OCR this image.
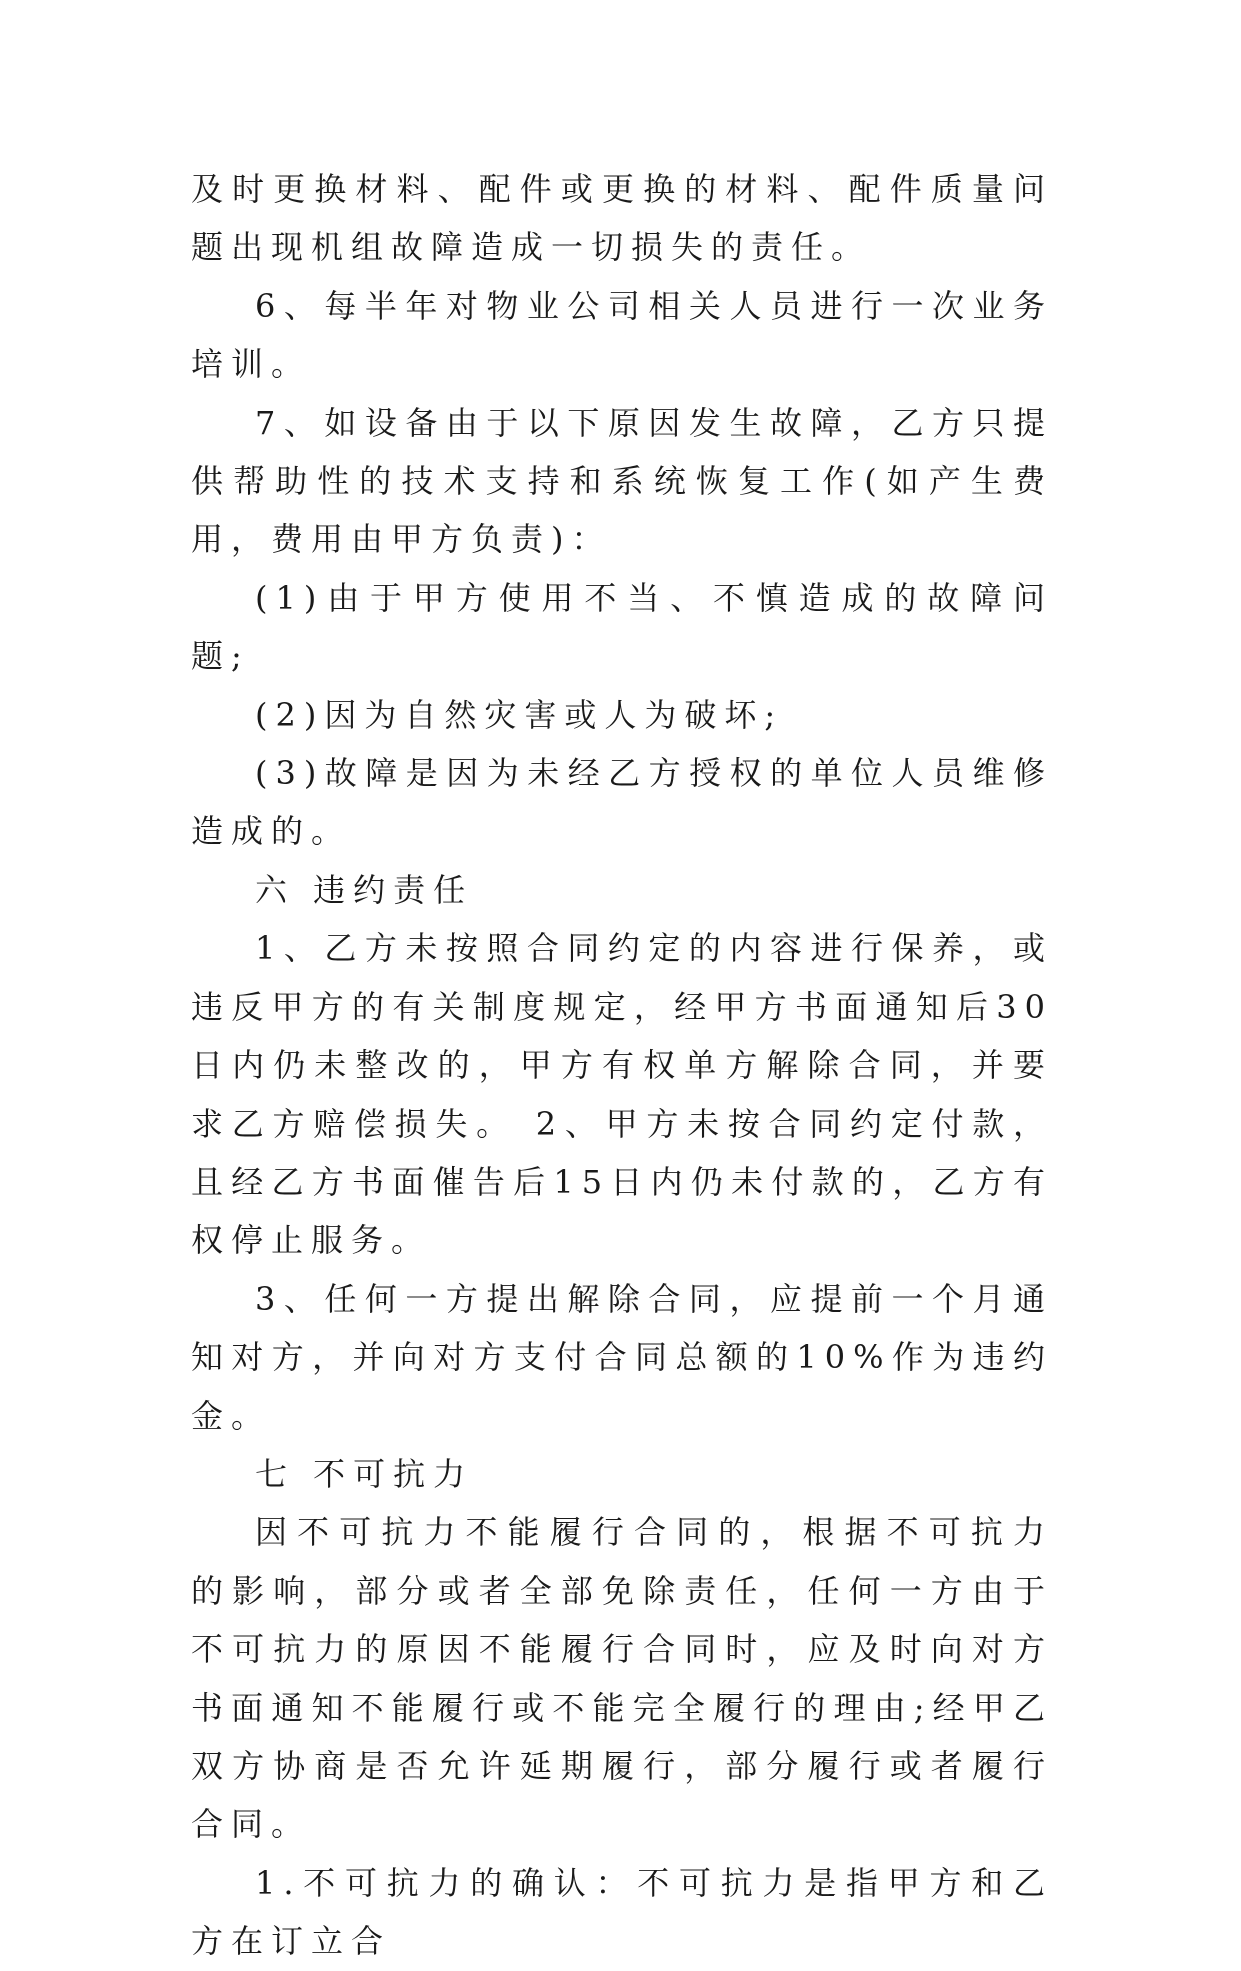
及时更换材料、配件或更换的材料、配件质量问题出现机组故障造成一切损失的责任。

6、每半年对物业公司相关人员进行一次业务培训。

7、如设备由于以下原因发生故障，乙方只提供帮助性的技术支持和系统恢复工作(如产生费用，费用由甲方负责)：

(1)由于甲方使用不当、不慎造成的故障问题;

(2)因为自然灾害或人为破坏;

(3)故障是因为未经乙方授权的单位人员维修造成的。

六 违约责任

1、乙方未按照合同约定的内容进行保养，或违反甲方的有关制度规定，经甲方书面通知后30日内仍未整改的，甲方有权单方解除合同，并要求乙方赔偿损失。 2、甲方未按合同约定付款，且经乙方书面催告后15日内仍未付款的，乙方有权停止服务。

3、任何一方提出解除合同，应提前一个月通知对方，并向对方支付合同总额的10%作为违约金。

七 不可抗力

因不可抗力不能履行合同的，根据不可抗力的影响，部分或者全部免除责任，任何一方由于不可抗力的原因不能履行合同时，应及时向对方书面通知不能履行或不能完全履行的理由;经甲乙双方协商是否允许延期履行，部分履行或者履行合同。

1.不可抗力的确认：不可抗力是指甲方和乙方在订立合
